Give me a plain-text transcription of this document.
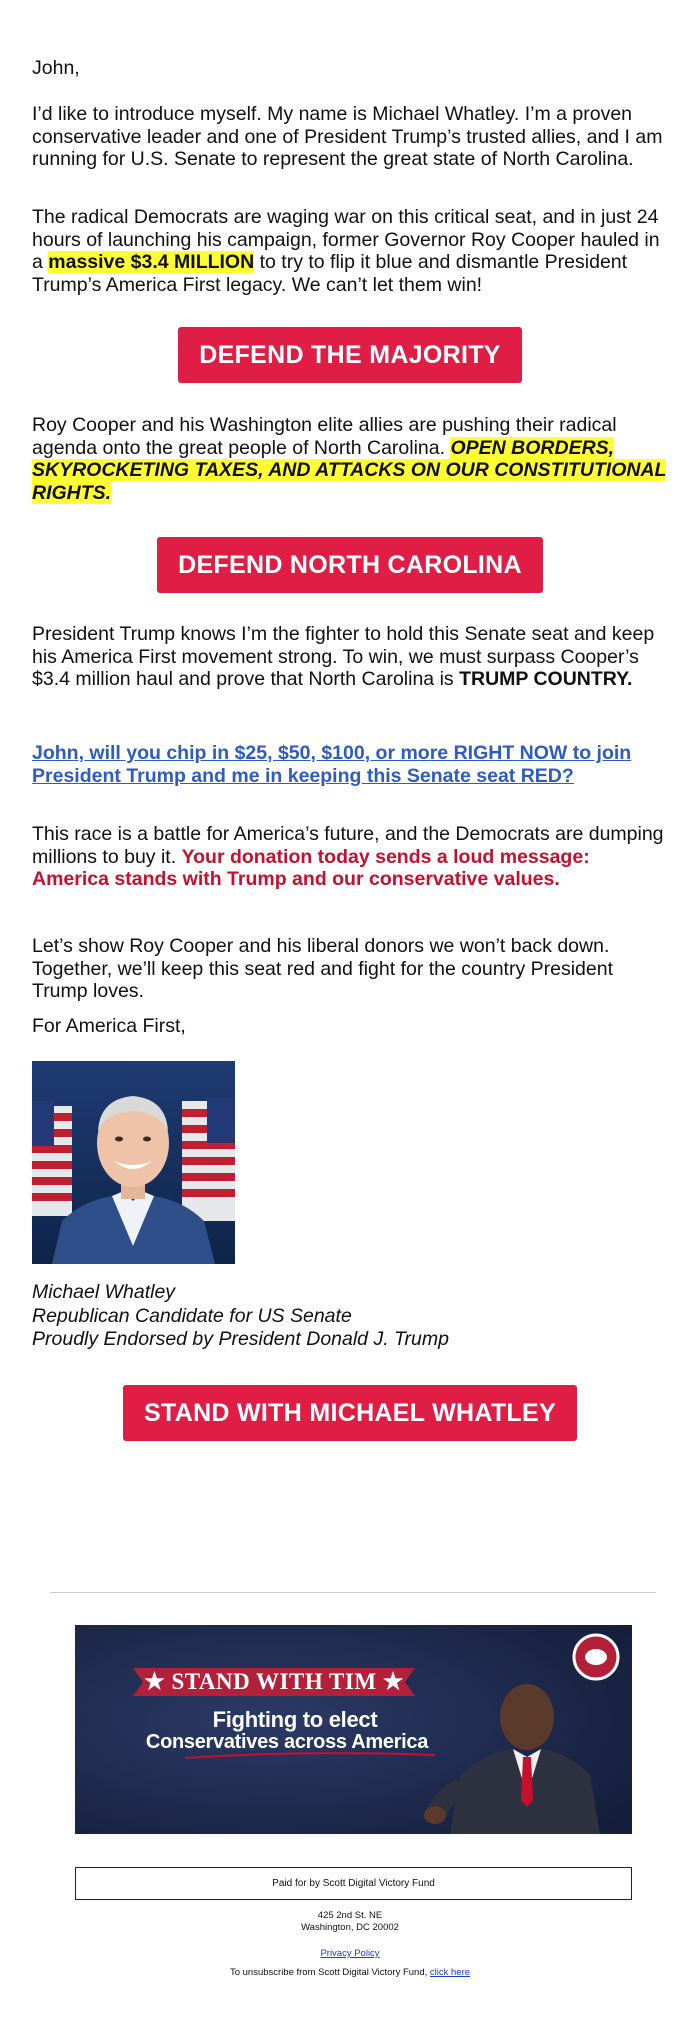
John,

I’d like to introduce myself. My name is Michael Whatley. I’m a proven conservative leader and one of President Trump’s trusted allies, and I am running for U.S. Senate to represent the great state of North Carolina.

The radical Democrats are waging war on this critical seat, and in just 24 hours of launching his campaign, former Governor Roy Cooper hauled in a massive $3.4 MILLION to try to flip it blue and dismantle President Trump’s America First legacy. We can’t let them win!

Roy Cooper and his Washington elite allies are pushing their radical agenda onto the great people of North Carolina. OPEN BORDERS, SKYROCKETING TAXES, AND ATTACKS ON OUR CONSTITUTIONAL RIGHTS.

President Trump knows I’m the fighter to hold this Senate seat and keep his America First movement strong. To win, we must surpass Cooper’s $3.4 million haul and prove that North Carolina is TRUMP COUNTRY.

John, will you chip in $25, $50, $100, or more RIGHT NOW to join President Trump and me in keeping this Senate seat RED?

This race is a battle for America’s future, and the Democrats are dumping millions to buy it. Your donation today sends a loud message: America stands with Trump and our conservative values.

Let’s show Roy Cooper and his liberal donors we won’t back down. Together, we’ll keep this seat red and fight for the country President Trump loves.

For America First,

DEFEND THE MAJORITY
DEFEND NORTH CAROLINA
Michael Whatley
Republican Candidate for US Senate
Proudly Endorsed by President Donald J. Trump
STAND WITH MICHAEL WHATLEY
★ STAND WITH TIM ★
Fighting to elect
Conservatives across America
Paid for by Scott Digital Victory Fund
425 2nd St. NE
Washington, DC 20002
Privacy Policy
To unsubscribe from Scott Digital Victory Fund, click here
